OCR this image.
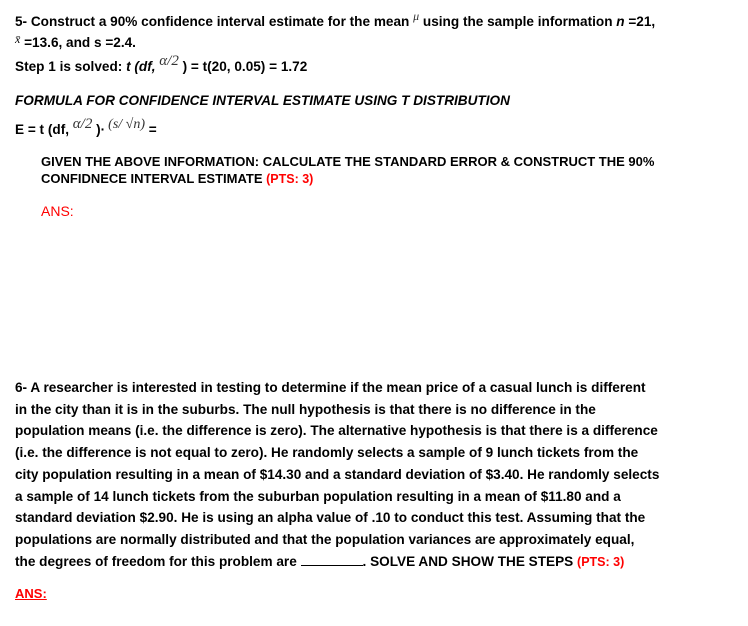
5- Construct a 90% confidence interval estimate for the mean μ using the sample information n =21,
x̄ =13.6, and s =2.4.
Step 1 is solved: t (df, α/2 ) = t(20, 0.05) = 1.72
FORMULA FOR CONFIDENCE INTERVAL ESTIMATE USING T DISTRIBUTION
E = t (df, α/2 )· (s/ √n) =
GIVEN THE ABOVE INFORMATION: CALCULATE THE STANDARD ERROR & CONSTRUCT THE 90%
CONFIDNECE INTERVAL ESTIMATE (PTS: 3)
ANS:
6- A researcher is interested in testing to determine if the mean price of a casual lunch is different
in the city than it is in the suburbs. The null hypothesis is that there is no difference in the
population means (i.e. the difference is zero). The alternative hypothesis is that there is a difference
(i.e. the difference is not equal to zero). He randomly selects a sample of 9 lunch tickets from the
city population resulting in a mean of $14.30 and a standard deviation of $3.40. He randomly selects
a sample of 14 lunch tickets from the suburban population resulting in a mean of $11.80 and a
standard deviation $2.90. He is using an alpha value of .10 to conduct this test. Assuming that the
populations are normally distributed and that the population variances are approximately equal,
the degrees of freedom for this problem are	. SOLVE AND SHOW THE STEPS (PTS: 3)
ANS:
